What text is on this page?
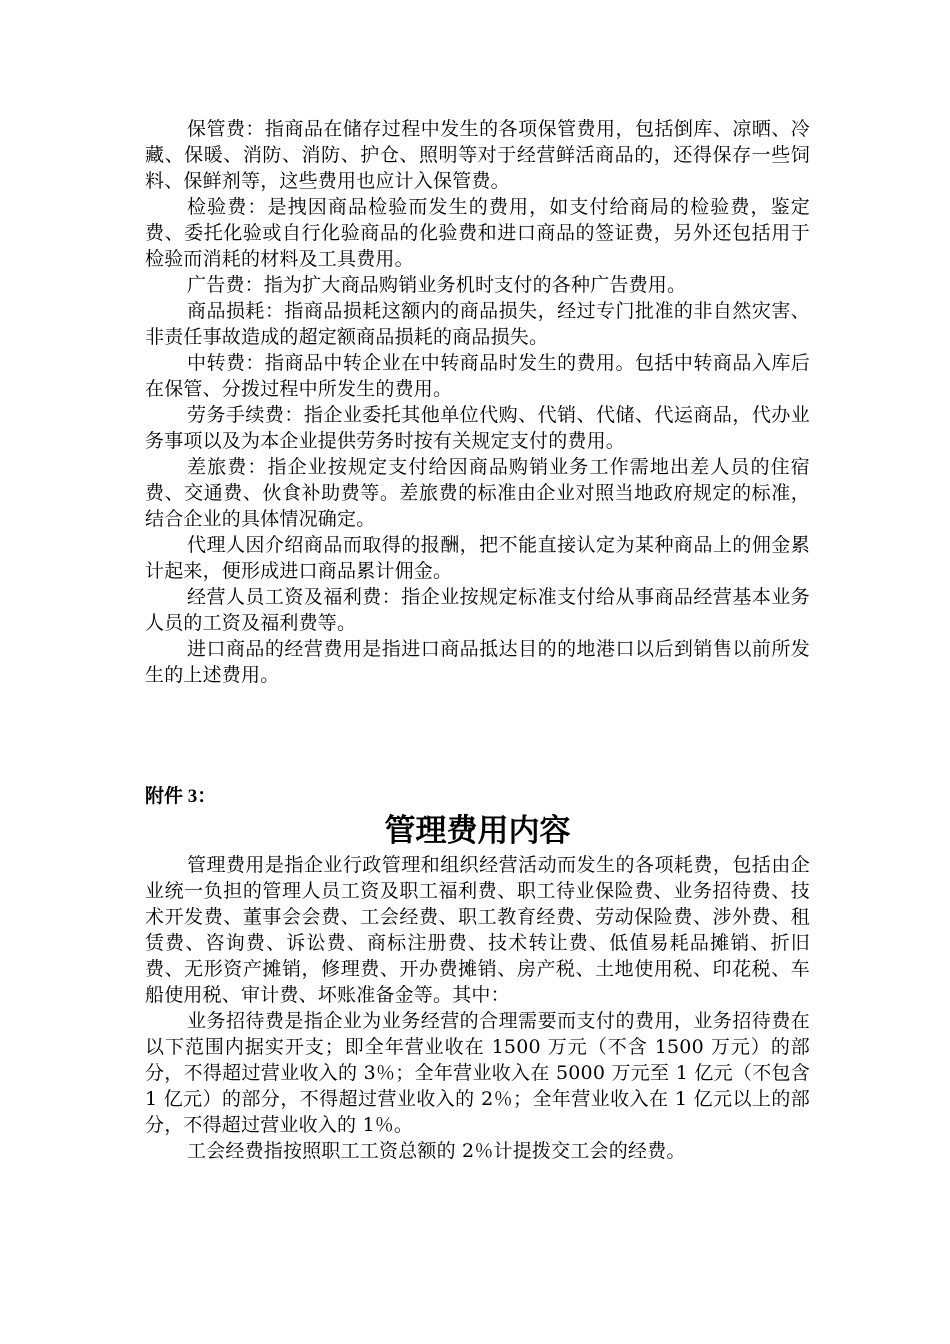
保管费：指商品在储存过程中发生的各项保管费用，包括倒库、凉晒、冷藏、保暖、消防、消防、护仓、照明等对于经营鲜活商品的，还得保存一些饲料、保鲜剂等，这些费用也应计入保管费。

检验费：是拽因商品检验而发生的费用，如支付给商局的检验费，鉴定费、委托化验或自行化验商品的化验费和进口商品的签证费，另外还包括用于检验而消耗的材料及工具费用。

广告费：指为扩大商品购销业务机时支付的各种广告费用。

商品损耗：指商品损耗这额内的商品损失，经过专门批准的非自然灾害、非责任事故造成的超定额商品损耗的商品损失。

中转费：指商品中转企业在中转商品时发生的费用。包括中转商品入库后在保管、分拨过程中所发生的费用。

劳务手续费：指企业委托其他单位代购、代销、代储、代运商品，代办业务事项以及为本企业提供劳务时按有关规定支付的费用。

差旅费：指企业按规定支付给因商品购销业务工作需地出差人员的住宿费、交通费、伙食补助费等。差旅费的标准由企业对照当地政府规定的标准，结合企业的具体情况确定。

代理人因介绍商品而取得的报酬，把不能直接认定为某种商品上的佣金累计起来，便形成进口商品累计佣金。

经营人员工资及福利费：指企业按规定标准支付给从事商品经营基本业务人员的工资及福利费等。

进口商品的经营费用是指进口商品抵达目的的地港口以后到销售以前所发生的上述费用。

附件 3：

管理费用内容

管理费用是指企业行政管理和组织经营活动而发生的各项耗费，包括由企业统一负担的管理人员工资及职工福利费、职工待业保险费、业务招待费、技术开发费、董事会会费、工会经费、职工教育经费、劳动保险费、涉外费、租赁费、咨询费、诉讼费、商标注册费、技术转让费、低值易耗品摊销、折旧费、无形资产摊销，修理费、开办费摊销、房产税、土地使用税、印花税、车船使用税、审计费、坏账准备金等。其中：

业务招待费是指企业为业务经营的合理需要而支付的费用，业务招待费在以下范围内据实开支；即全年营业收在 1500 万元（不含 1500 万元）的部分，不得超过营业收入的 3％；全年营业收入在 5000 万元至 1 亿元（不包含 1 亿元）的部分，不得超过营业收入的 2％；全年营业收入在 1 亿元以上的部分，不得超过营业收入的 1％。

工会经费指按照职工工资总额的 2％计提拨交工会的经费。
